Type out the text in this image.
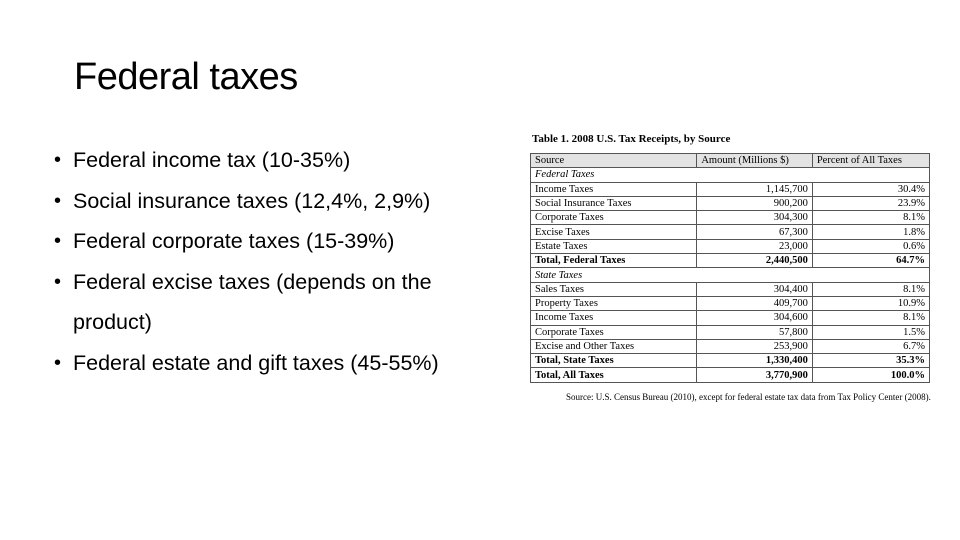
Federal taxes
• Federal income tax (10-35%)
• Social insurance taxes (12,4%, 2,9%)
• Federal corporate taxes (15-39%)
• Federal excise taxes (depends on the product)
• Federal estate and gift taxes (45-55%)
Table 1. 2008 U.S. Tax Receipts, by Source
Source	Amount (Millions $)	Percent of All Taxes
Federal Taxes		
Income Taxes	1,145,700	30.4%
Social Insurance Taxes	900,200	23.9%
Corporate Taxes	304,300	8.1%
Excise Taxes	67,300	1.8%
Estate Taxes	23,000	0.6%
Total, Federal Taxes	2,440,500	64.7%
State Taxes		
Sales Taxes	304,400	8.1%
Property Taxes	409,700	10.9%
Income Taxes	304,600	8.1%
Corporate Taxes	57,800	1.5%
Excise and Other Taxes	253,900	6.7%
Total, State Taxes	1,330,400	35.3%
Total, All Taxes	3,770,900	100.0%
Source: U.S. Census Bureau (2010), except for federal estate tax data from Tax Policy Center (2008).
